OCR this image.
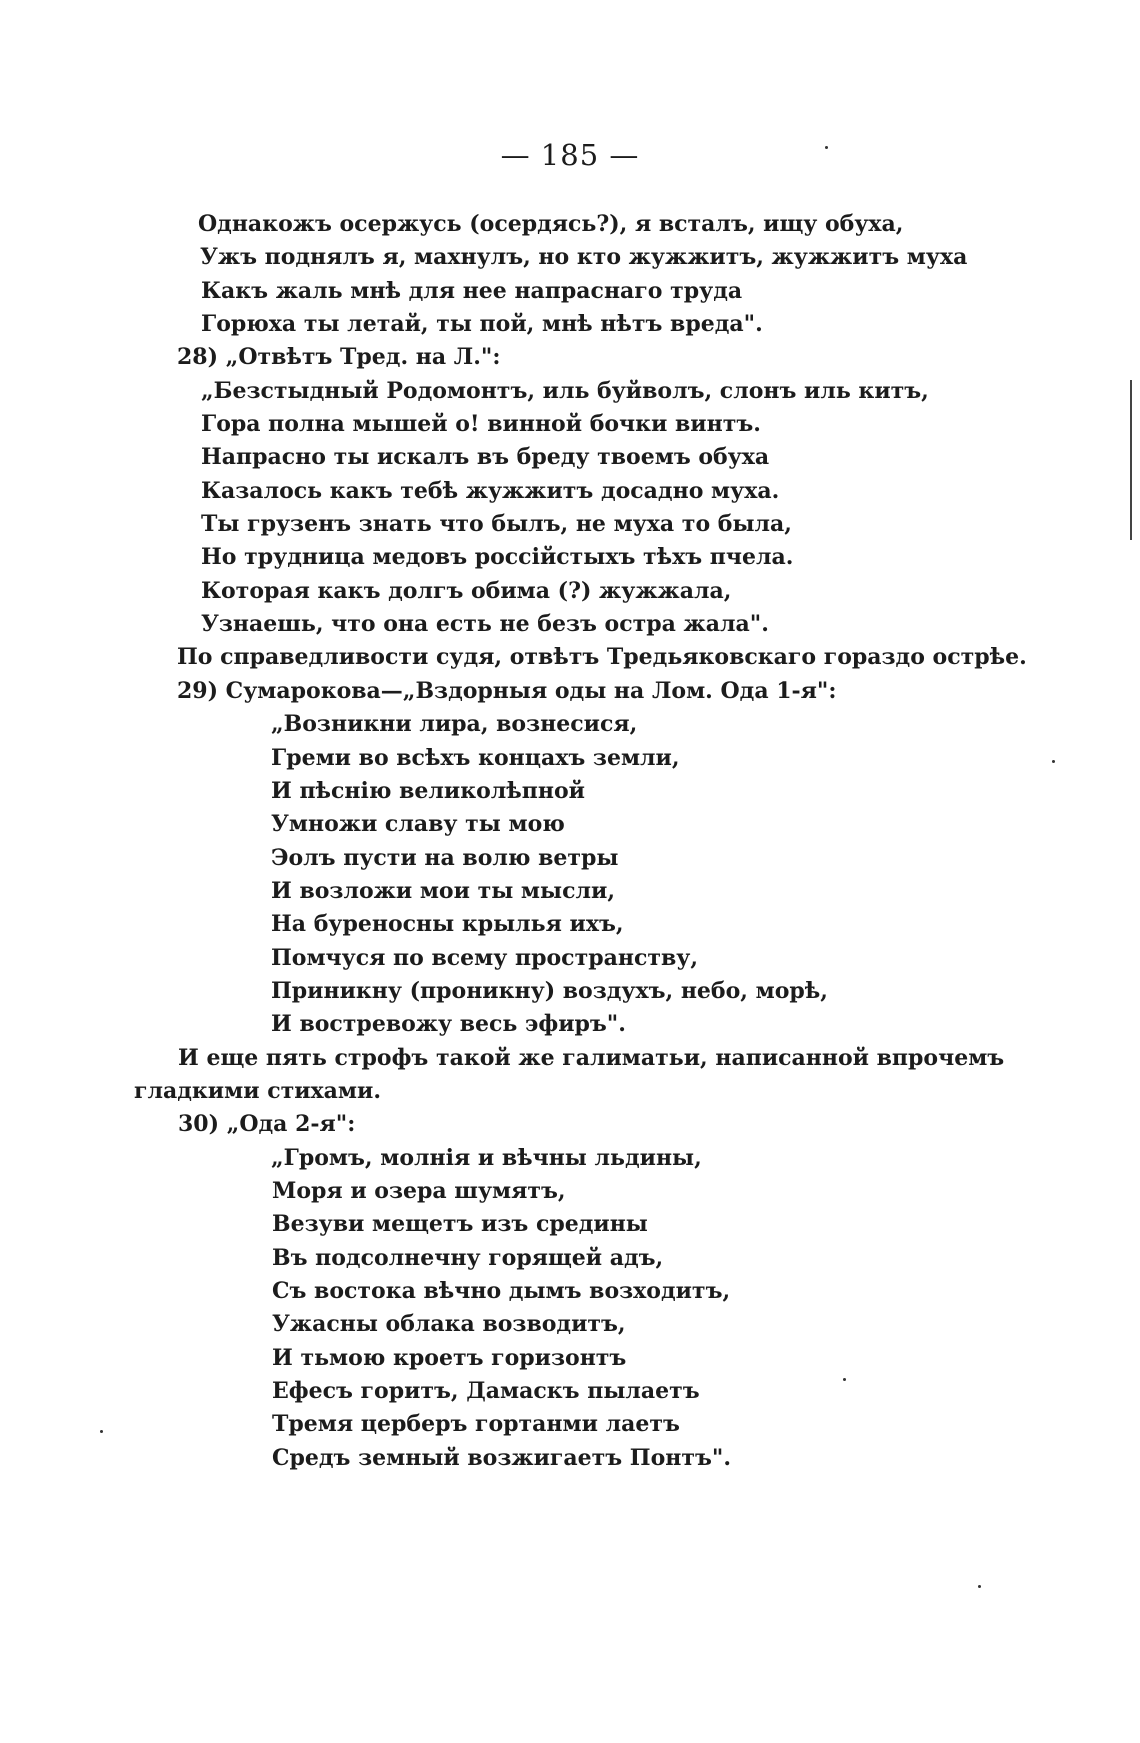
— 185 —
Однакожъ осержусь (осердясь?), я всталъ, ищу обуха,
Ужъ поднялъ я, махнулъ, но кто жужжитъ, жужжитъ муха
Какъ жаль мнѣ для нее напраснаго труда
Горюха ты летай, ты пой, мнѣ нѣтъ вреда".
28) „Отвѣтъ Тред. на Л.":
„Безстыдный Родомонтъ, иль буйволъ, слонъ иль китъ,
Гора полна мышей о! винной бочки винтъ.
Напрасно ты искалъ въ бреду твоемъ обуха
Казалось какъ тебѣ жужжитъ досадно муха.
Ты грузенъ знать что былъ, не муха то была,
Но трудница медовъ россійстыхъ тѣхъ пчела.
Которая какъ долгъ обима (?) жужжала,
Узнаешь, что она есть не безъ остра жала".
По справедливости судя, отвѣтъ Тредьяковскаго гораздо острѣе.
29) Сумарокова—„Вздорныя оды на Лом. Ода 1-я":
„Возникни лира, вознесися,
Греми во всѣхъ концахъ земли,
И пѣснію великолѣпной
Умножи славу ты мою
Эолъ пусти на волю ветры
И возложи мои ты мысли,
На буреносны крылья ихъ,
Помчуся по всему пространству,
Приникну (проникну) воздухъ, небо, морѣ,
И востревожу весь эфиръ".
И еще пять строфъ такой же галиматьи, написанной впрочемъ
гладкими стихами.
30) „Ода 2-я":
„Громъ, молнія и вѣчны льдины,
Моря и озера шумятъ,
Везуви мещетъ изъ средины
Въ подсолнечну горящей адъ,
Съ востока вѣчно дымъ возходитъ,
Ужасны облака возводитъ,
И тьмою кроетъ горизонтъ
Ефесъ горитъ, Дамаскъ пылаетъ
Тремя церберъ гортанми лаетъ
Средъ земный возжигаетъ Понтъ".
